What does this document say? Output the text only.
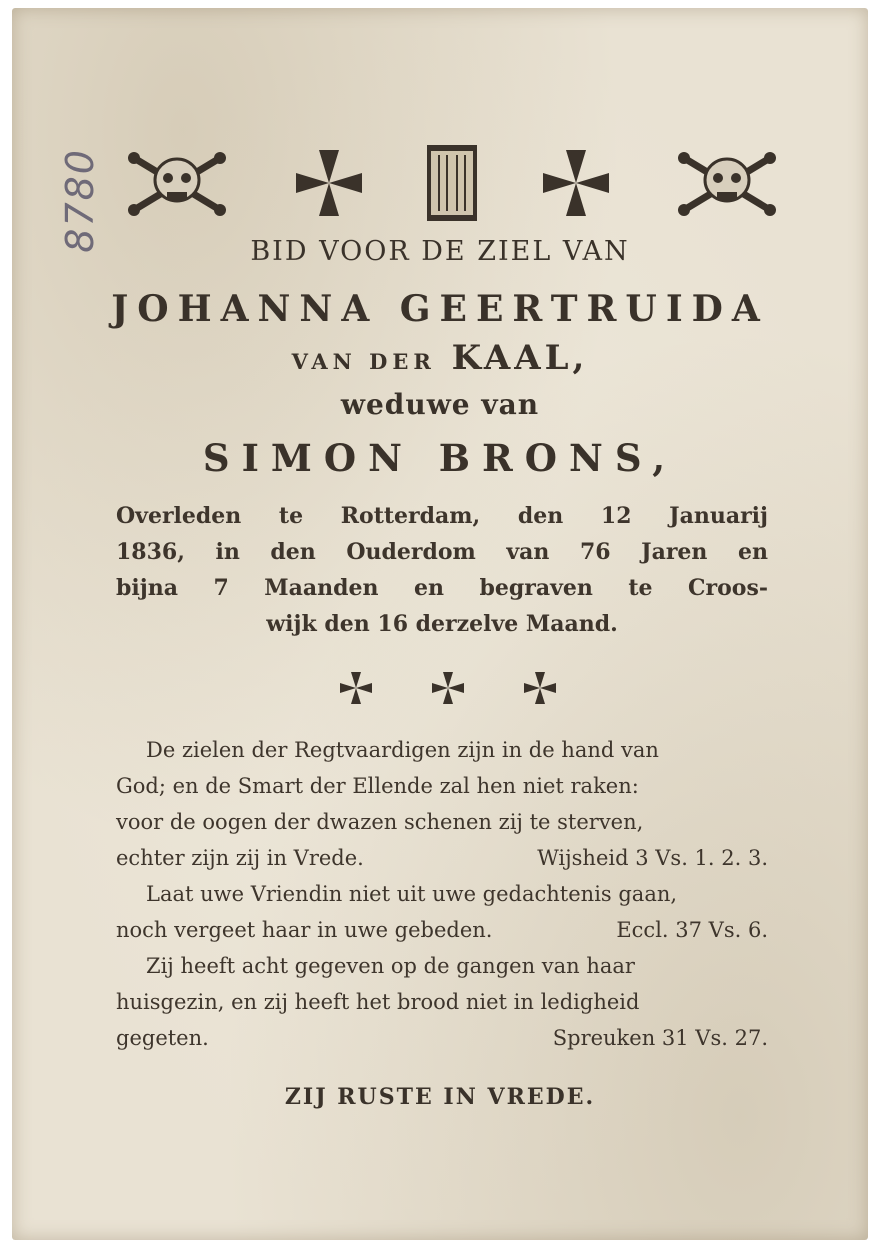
8780	BID VOOR DE ZIEL VAN
JOHANNA GEERTRUIDA
VAN DER KAAL,
weduwe van
SIMON BRONS,
Overleden te Rotterdam, den 12 Januarij
1836, in den Ouderdom van 76 Jaren en
bijna 7 Maanden en begraven te Croos-
wijk den 16 derzelve Maand.
De zielen der Regtvaardigen zijn in de hand van
God; en de Smart der Ellende zal hen niet raken:
voor de oogen der dwazen schenen zij te sterven,
echter zijn zij in Vrede.	Wijsheid 3 Vs. 1. 2. 3.
Laat uwe Vriendin niet uit uwe gedachtenis gaan,
noch vergeet haar in uwe gebeden.	Eccl. 37 Vs. 6.
Zij heeft acht gegeven op de gangen van haar
huisgezin, en zij heeft het brood niet in ledigheid
gegeten.	Spreuken 31 Vs. 27.
ZIJ RUSTE IN VREDE.
